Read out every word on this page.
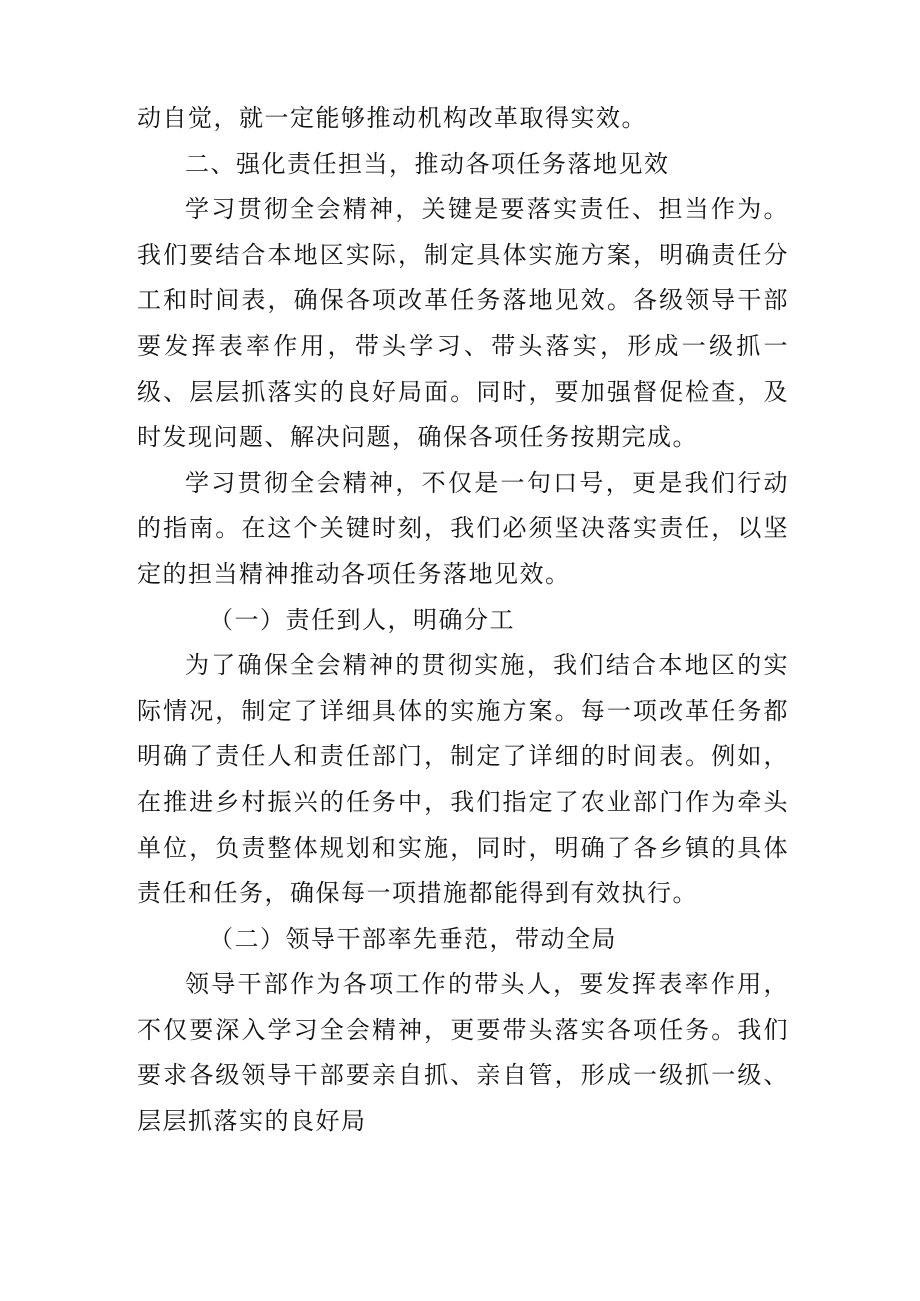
动自觉，就一定能够推动机构改革取得实效。

二、强化责任担当，推动各项任务落地见效

学习贯彻全会精神，关键是要落实责任、担当作为。我们要结合本地区实际，制定具体实施方案，明确责任分工和时间表，确保各项改革任务落地见效。各级领导干部要发挥表率作用，带头学习、带头落实，形成一级抓一级、层层抓落实的良好局面。同时，要加强督促检查，及时发现问题、解决问题，确保各项任务按期完成。

学习贯彻全会精神，不仅是一句口号，更是我们行动的指南。在这个关键时刻，我们必须坚决落实责任，以坚定的担当精神推动各项任务落地见效。

（一）责任到人，明确分工

为了确保全会精神的贯彻实施，我们结合本地区的实际情况，制定了详细具体的实施方案。每一项改革任务都明确了责任人和责任部门，制定了详细的时间表。例如，在推进乡村振兴的任务中，我们指定了农业部门作为牵头单位，负责整体规划和实施，同时，明确了各乡镇的具体责任和任务，确保每一项措施都能得到有效执行。

（二）领导干部率先垂范，带动全局

领导干部作为各项工作的带头人，要发挥表率作用，不仅要深入学习全会精神，更要带头落实各项任务。我们要求各级领导干部要亲自抓、亲自管，形成一级抓一级、层层抓落实的良好局
